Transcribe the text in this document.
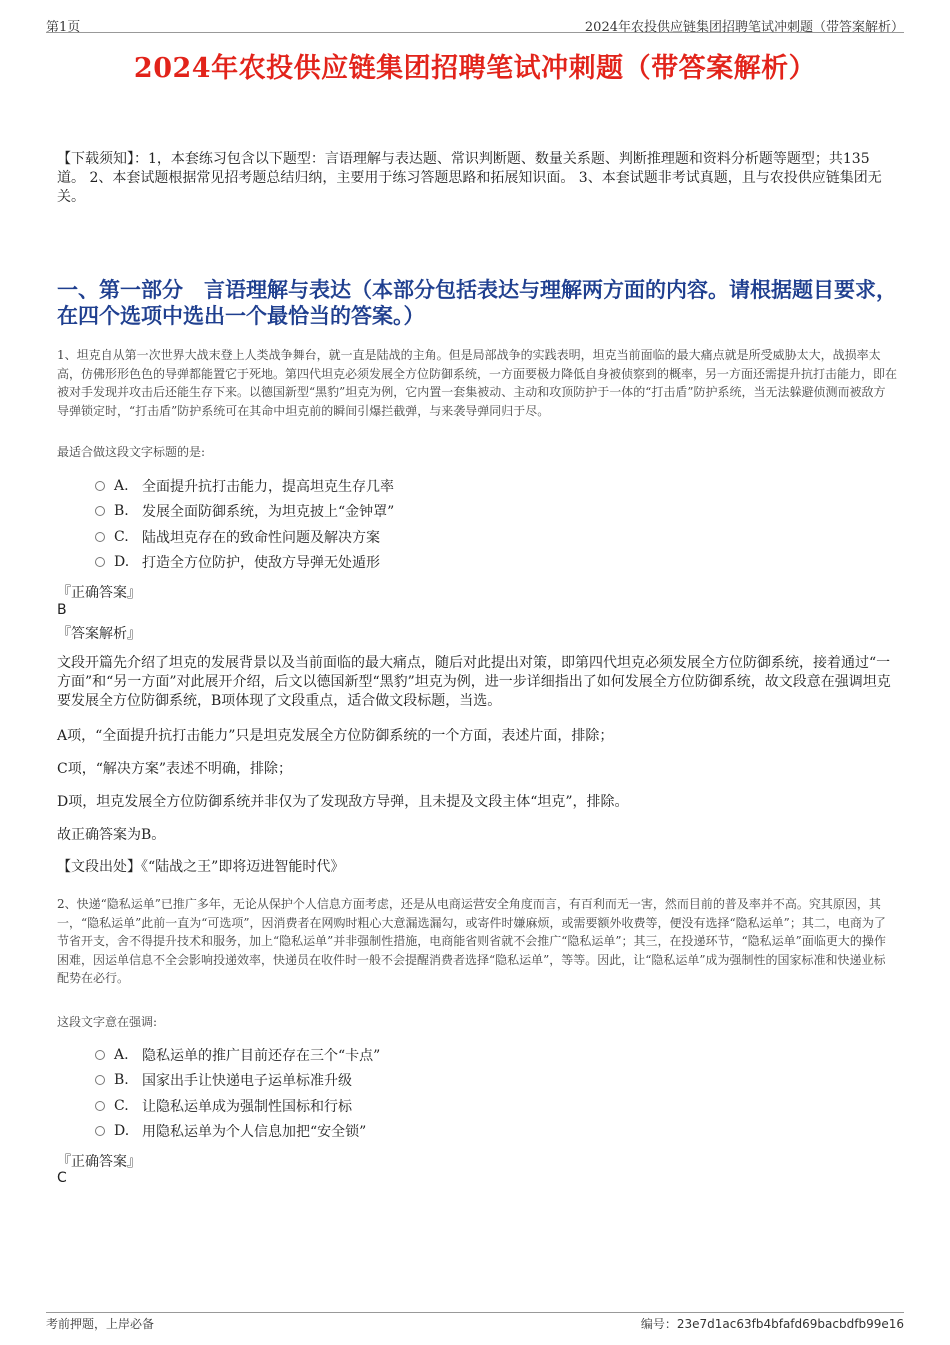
第1页	2024年农投供应链集团招聘笔试冲刺题（带答案解析）
2024年农投供应链集团招聘笔试冲刺题（带答案解析）

【下载须知】：1，本套练习包含以下题型：言语理解与表达题、常识判断题、数量关系题、判断推理题和资料分析题等题型；共135道。 2、本套试题根据常见招考题总结归纳，主要用于练习答题思路和拓展知识面。 3、本套试题非考试真题，且与农投供应链集团无关。

一、第一部分　言语理解与表达（本部分包括表达与理解两方面的内容。请根据题目要求，在四个选项中选出一个最恰当的答案。）

1、坦克自从第一次世界大战末登上人类战争舞台，就一直是陆战的主角。但是局部战争的实践表明，坦克当前面临的最大痛点就是所受威胁太大，战损率太高，仿佛形形色色的导弹都能置它于死地。第四代坦克必须发展全方位防御系统，一方面要极力降低自身被侦察到的概率，另一方面还需提升抗打击能力，即在被对手发现并攻击后还能生存下来。以德国新型“黑豹”坦克为例，它内置一套集被动、主动和攻顶防护于一体的“打击盾”防护系统，当无法躲避侦测而被敌方导弹锁定时，“打击盾”防护系统可在其命中坦克前的瞬间引爆拦截弹，与来袭导弹同归于尽。

最适合做这段文字标题的是:

A. 全面提升抗打击能力，提高坦克生存几率
B. 发展全面防御系统，为坦克披上“金钟罩”
C. 陆战坦克存在的致命性问题及解决方案
D. 打造全方位防护，使敌方导弹无处遁形
『正确答案』
B
『答案解析』

文段开篇先介绍了坦克的发展背景以及当前面临的最大痛点，随后对此提出对策，即第四代坦克必须发展全方位防御系统，接着通过“一方面”和“另一方面”对此展开介绍，后文以德国新型“黑豹”坦克为例，进一步详细指出了如何发展全方位防御系统，故文段意在强调坦克要发展全方位防御系统，B项体现了文段重点，适合做文段标题，当选。

A项，“全面提升抗打击能力”只是坦克发展全方位防御系统的一个方面，表述片面，排除；

C项，“解决方案”表述不明确，排除；

D项，坦克发展全方位防御系统并非仅为了发现敌方导弹，且未提及文段主体“坦克”，排除。

故正确答案为B。

【文段出处】《“陆战之王”即将迈进智能时代》

2、快递“隐私运单”已推广多年，无论从保护个人信息方面考虑，还是从电商运营安全角度而言，有百利而无一害，然而目前的普及率并不高。究其原因，其一，“隐私运单”此前一直为“可选项”，因消费者在网购时粗心大意漏选漏勾，或寄件时嫌麻烦，或需要额外收费等，便没有选择“隐私运单”；其二，电商为了节省开支，舍不得提升技术和服务，加上“隐私运单”并非强制性措施，电商能省则省就不会推广“隐私运单”；其三，在投递环节，“隐私运单”面临更大的操作困难，因运单信息不全会影响投递效率，快递员在收件时一般不会提醒消费者选择“隐私运单”，等等。因此，让“隐私运单”成为强制性的国家标准和快递业标配势在必行。

这段文字意在强调:

A. 隐私运单的推广目前还存在三个“卡点”
B. 国家出手让快递电子运单标准升级
C. 让隐私运单成为强制性国标和行标
D. 用隐私运单为个人信息加把“安全锁”
『正确答案』
C
考前押题，上岸必备	编号：23e7d1ac63fb4bfafd69bacbdfb99e16
